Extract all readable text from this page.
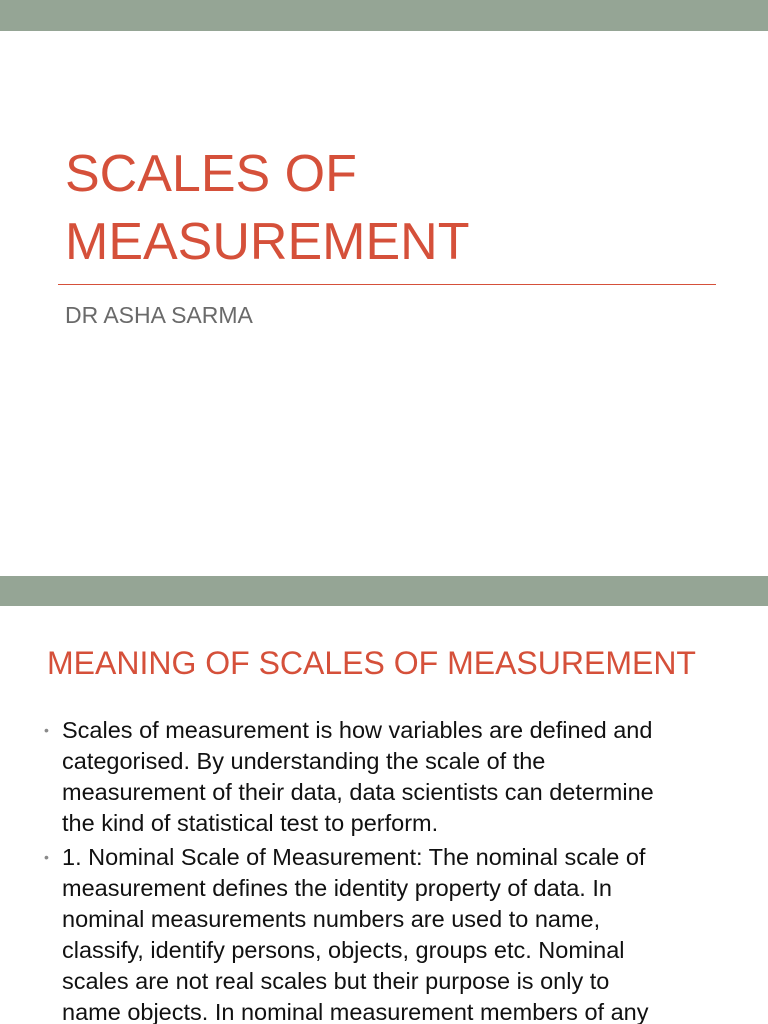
SCALES OF
MEASUREMENT

DR ASHA SARMA

MEANING OF SCALES OF MEASUREMENT
• Scales of measurement is how variables are defined and
categorised. By understanding the scale of the
measurement of their data, data scientists can determine
the kind of statistical test to perform.
• 1. Nominal Scale of Measurement: The nominal scale of
measurement defines the identity property of data. In
nominal measurements numbers are used to name,
classify, identify persons, objects, groups etc. Nominal
scales are not real scales but their purpose is only to
name objects. In nominal measurement members of any
